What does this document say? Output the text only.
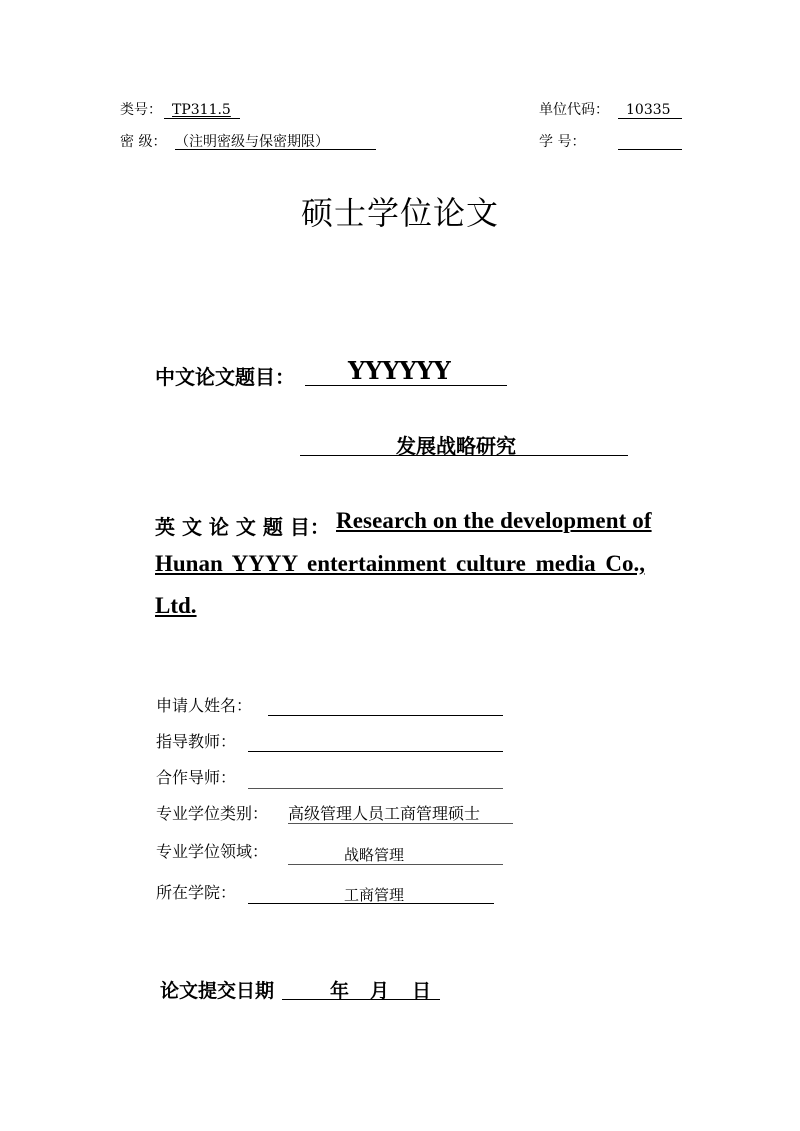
类号： TP311.5
密 级： （注明密级与保密期限）
单位代码： 10335
学 号：
硕士学位论文
中文论文题目： YYYYYY
发展战略研究
英 文 论 文 题 目： Research on the development of
Hunan YYYY entertainment culture media Co.,
Ltd.
申请人姓名：
指导教师：
合作导师：
专业学位类别： 高级管理人员工商管理硕士
专业学位领域：	战略管理
所在学院：	工商管理
论文提交日期	年 月 日
